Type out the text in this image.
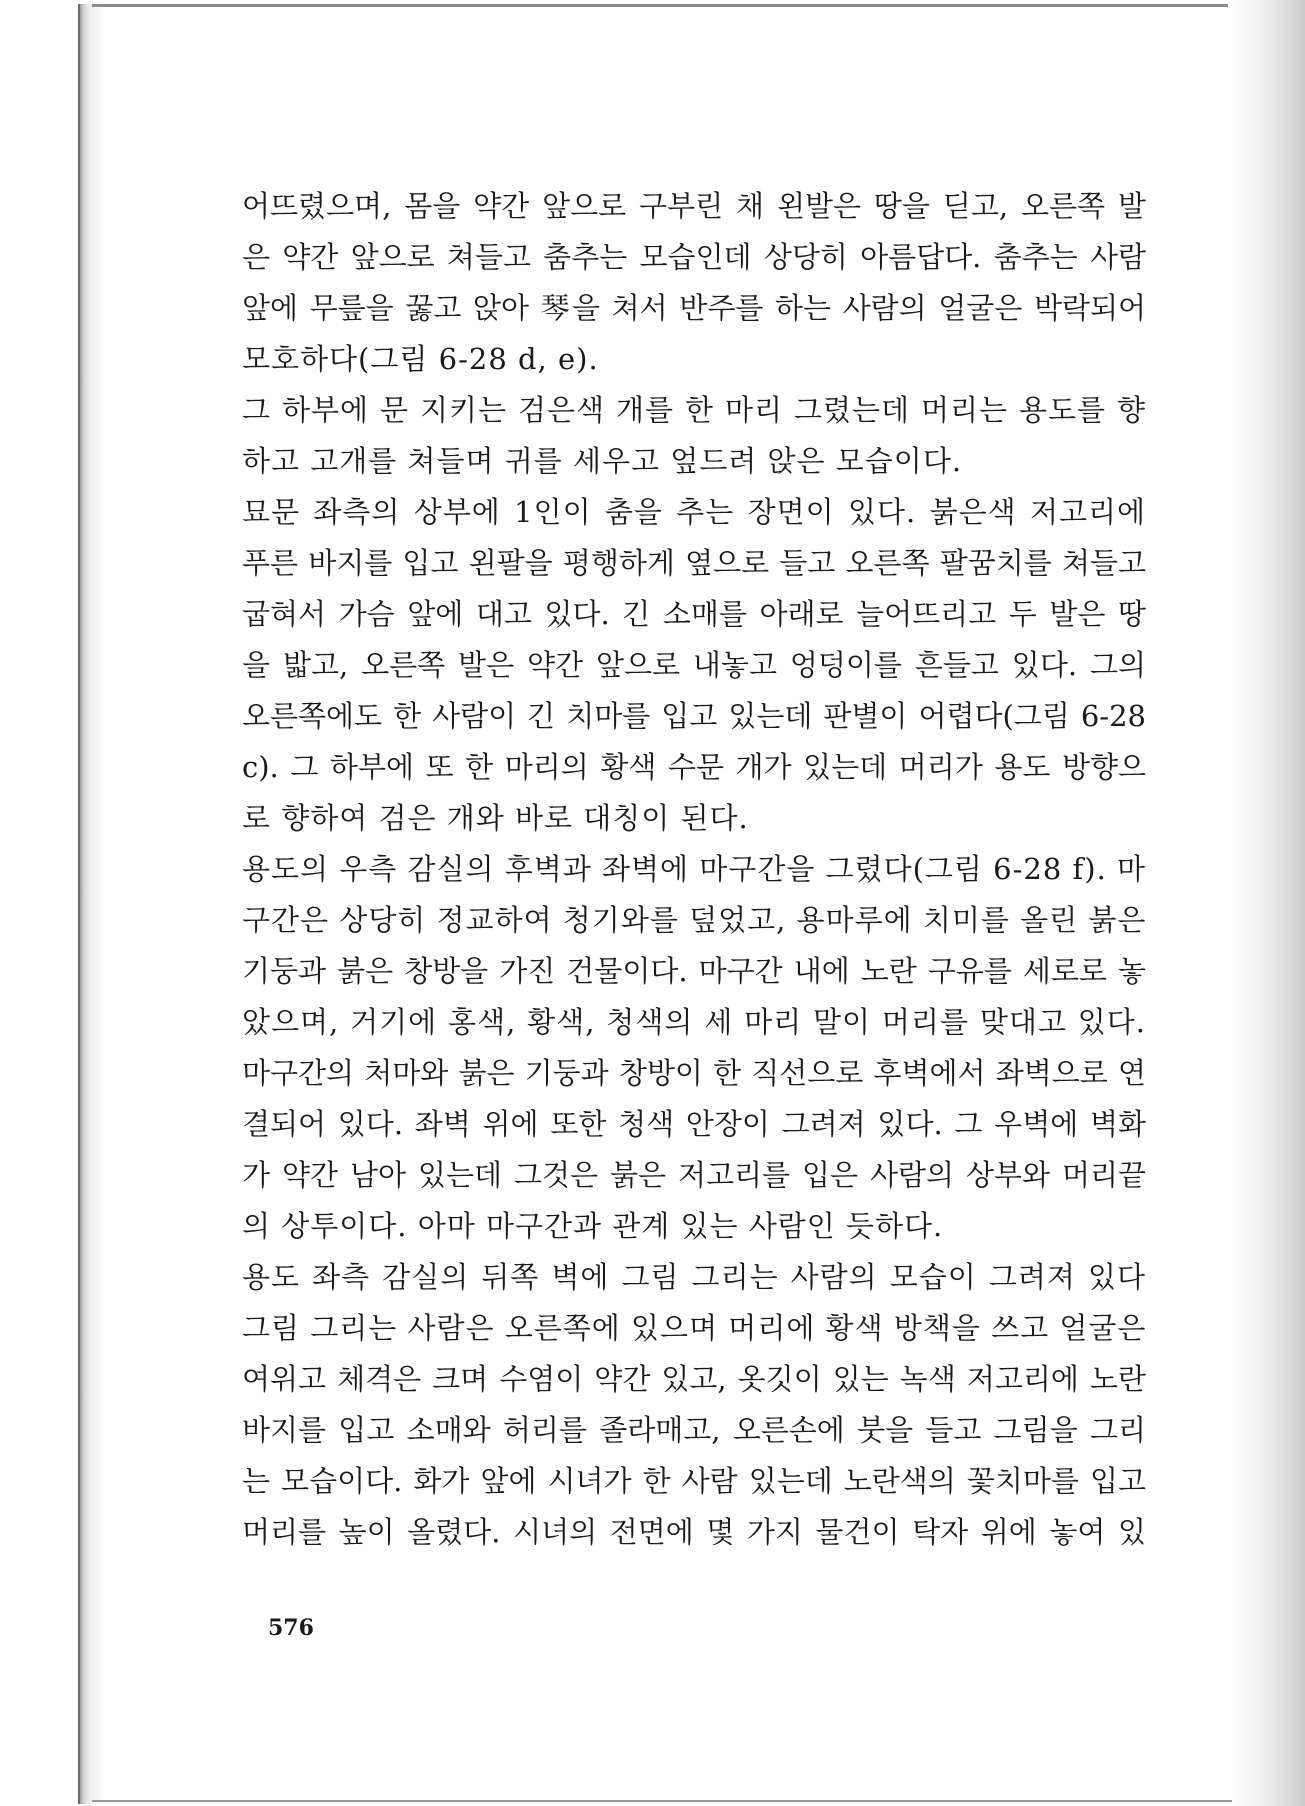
어뜨렸으며, 몸을 약간 앞으로 구부린 채 왼발은 땅을 딛고, 오른쪽 발
은 약간 앞으로 쳐들고 춤추는 모습인데 상당히 아름답다. 춤추는 사람
앞에 무릎을 꿇고 앉아 琴을 쳐서 반주를 하는 사람의 얼굴은 박락되어
모호하다(그림 6-28 d, e).
그 하부에 문 지키는 검은색 개를 한 마리 그렸는데 머리는 용도를 향
하고 고개를 쳐들며 귀를 세우고 엎드려 앉은 모습이다.
묘문 좌측의 상부에 1인이 춤을 추는 장면이 있다. 붉은색 저고리에
푸른 바지를 입고 왼팔을 평행하게 옆으로 들고 오른쪽 팔꿈치를 쳐들고
굽혀서 가슴 앞에 대고 있다. 긴 소매를 아래로 늘어뜨리고 두 발은 땅
을 밟고, 오른쪽 발은 약간 앞으로 내놓고 엉덩이를 흔들고 있다. 그의
오른쪽에도 한 사람이 긴 치마를 입고 있는데 판별이 어렵다(그림 6-28
c). 그 하부에 또 한 마리의 황색 수문 개가 있는데 머리가 용도 방향으
로 향하여 검은 개와 바로 대칭이 된다.
용도의 우측 감실의 후벽과 좌벽에 마구간을 그렸다(그림 6-28 f). 마
구간은 상당히 정교하여 청기와를 덮었고, 용마루에 치미를 올린 붉은
기둥과 붉은 창방을 가진 건물이다. 마구간 내에 노란 구유를 세로로 놓
았으며, 거기에 홍색, 황색, 청색의 세 마리 말이 머리를 맞대고 있다.
마구간의 처마와 붉은 기둥과 창방이 한 직선으로 후벽에서 좌벽으로 연
결되어 있다. 좌벽 위에 또한 청색 안장이 그려져 있다. 그 우벽에 벽화
가 약간 남아 있는데 그것은 붉은 저고리를 입은 사람의 상부와 머리끝
의 상투이다. 아마 마구간과 관계 있는 사람인 듯하다.
용도 좌측 감실의 뒤쪽 벽에 그림 그리는 사람의 모습이 그려져 있다
그림 그리는 사람은 오른쪽에 있으며 머리에 황색 방책을 쓰고 얼굴은
여위고 체격은 크며 수염이 약간 있고, 옷깃이 있는 녹색 저고리에 노란
바지를 입고 소매와 허리를 졸라매고, 오른손에 붓을 들고 그림을 그리
는 모습이다. 화가 앞에 시녀가 한 사람 있는데 노란색의 꽃치마를 입고
머리를 높이 올렸다. 시녀의 전면에 몇 가지 물건이 탁자 위에 놓여 있
576
